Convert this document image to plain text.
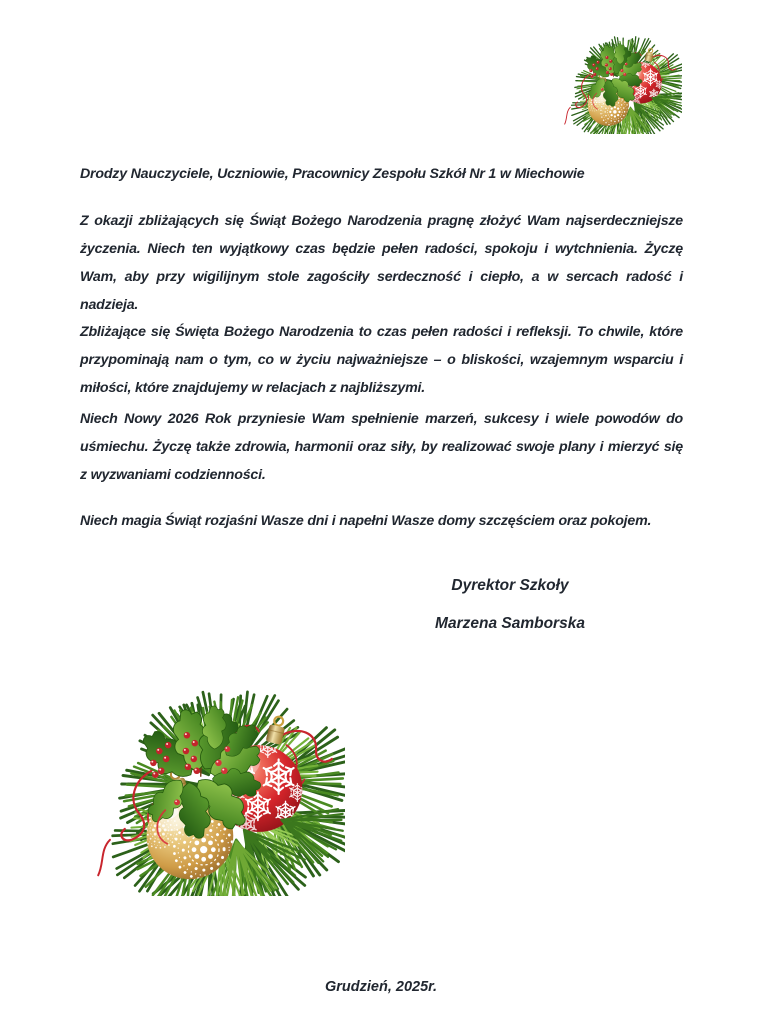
Drodzy Nauczyciele, Uczniowie, Pracownicy Zespołu Szkół Nr 1 w Miechowie

Z okazji zbliżających się Świąt Bożego Narodzenia pragnę złożyć Wam najserdeczniejsze życzenia. Niech ten wyjątkowy czas będzie pełen radości, spokoju i wytchnienia. Życzę Wam, aby przy wigilijnym stole zagościły serdeczność i ciepło, a w sercach radość i nadzieja.

Zbliżające się Święta Bożego Narodzenia to czas pełen radości i refleksji. To chwile, które przypominają nam o tym, co w życiu najważniejsze – o bliskości, wzajemnym wsparciu i miłości, które znajdujemy w relacjach z najbliższymi.

Niech Nowy 2026 Rok przyniesie Wam spełnienie marzeń, sukcesy i wiele powodów do uśmiechu. Życzę także zdrowia, harmonii oraz siły, by realizować swoje plany i mierzyć się z wyzwaniami codzienności.

Niech magia Świąt rozjaśni Wasze dni i napełni Wasze domy szczęściem oraz pokojem.

Dyrektor Szkoły
Marzena Samborska
Grudzień, 2025r.
